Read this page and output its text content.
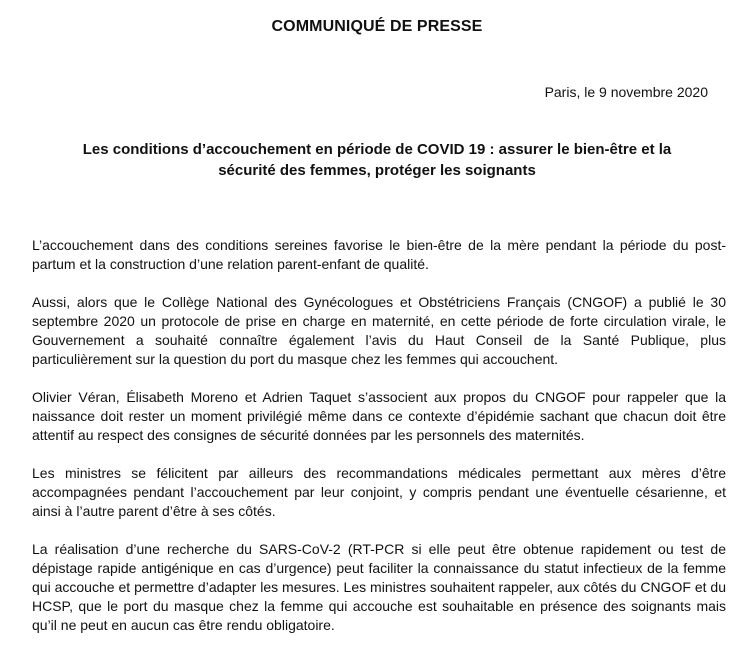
COMMUNIQUÉ DE PRESSE
Paris, le 9 novembre 2020
Les conditions d’accouchement en période de COVID 19 : assurer le bien-être et la
sécurité des femmes, protéger les soignants

L’accouchement dans des conditions sereines favorise le bien-être de la mère pendant la période du post-partum et la construction d’une relation parent-enfant de qualité.

Aussi, alors que le Collège National des Gynécologues et Obstétriciens Français (CNGOF) a publié le 30 septembre 2020 un protocole de prise en charge en maternité, en cette période de forte circulation virale, le Gouvernement a souhaité connaître également l’avis du Haut Conseil de la Santé Publique, plus particulièrement sur la question du port du masque chez les femmes qui accouchent.

Olivier Véran, Élisabeth Moreno et Adrien Taquet s’associent aux propos du CNGOF pour rappeler que la naissance doit rester un moment privilégié même dans ce contexte d’épidémie sachant que chacun doit être attentif au respect des consignes de sécurité données par les personnels des maternités.

Les ministres se félicitent par ailleurs des recommandations médicales permettant aux mères d’être accompagnées pendant l’accouchement par leur conjoint, y compris pendant une éventuelle césarienne, et ainsi à l’autre parent d’être à ses côtés.

La réalisation d’une recherche du SARS-CoV-2 (RT-PCR si elle peut être obtenue rapidement ou test de dépistage rapide antigénique en cas d’urgence) peut faciliter la connaissance du statut infectieux de la femme qui accouche et permettre d’adapter les mesures. Les ministres souhaitent rappeler, aux côtés du CNGOF et du HCSP, que le port du masque chez la femme qui accouche est souhaitable en présence des soignants mais qu’il ne peut en aucun cas être rendu obligatoire.
